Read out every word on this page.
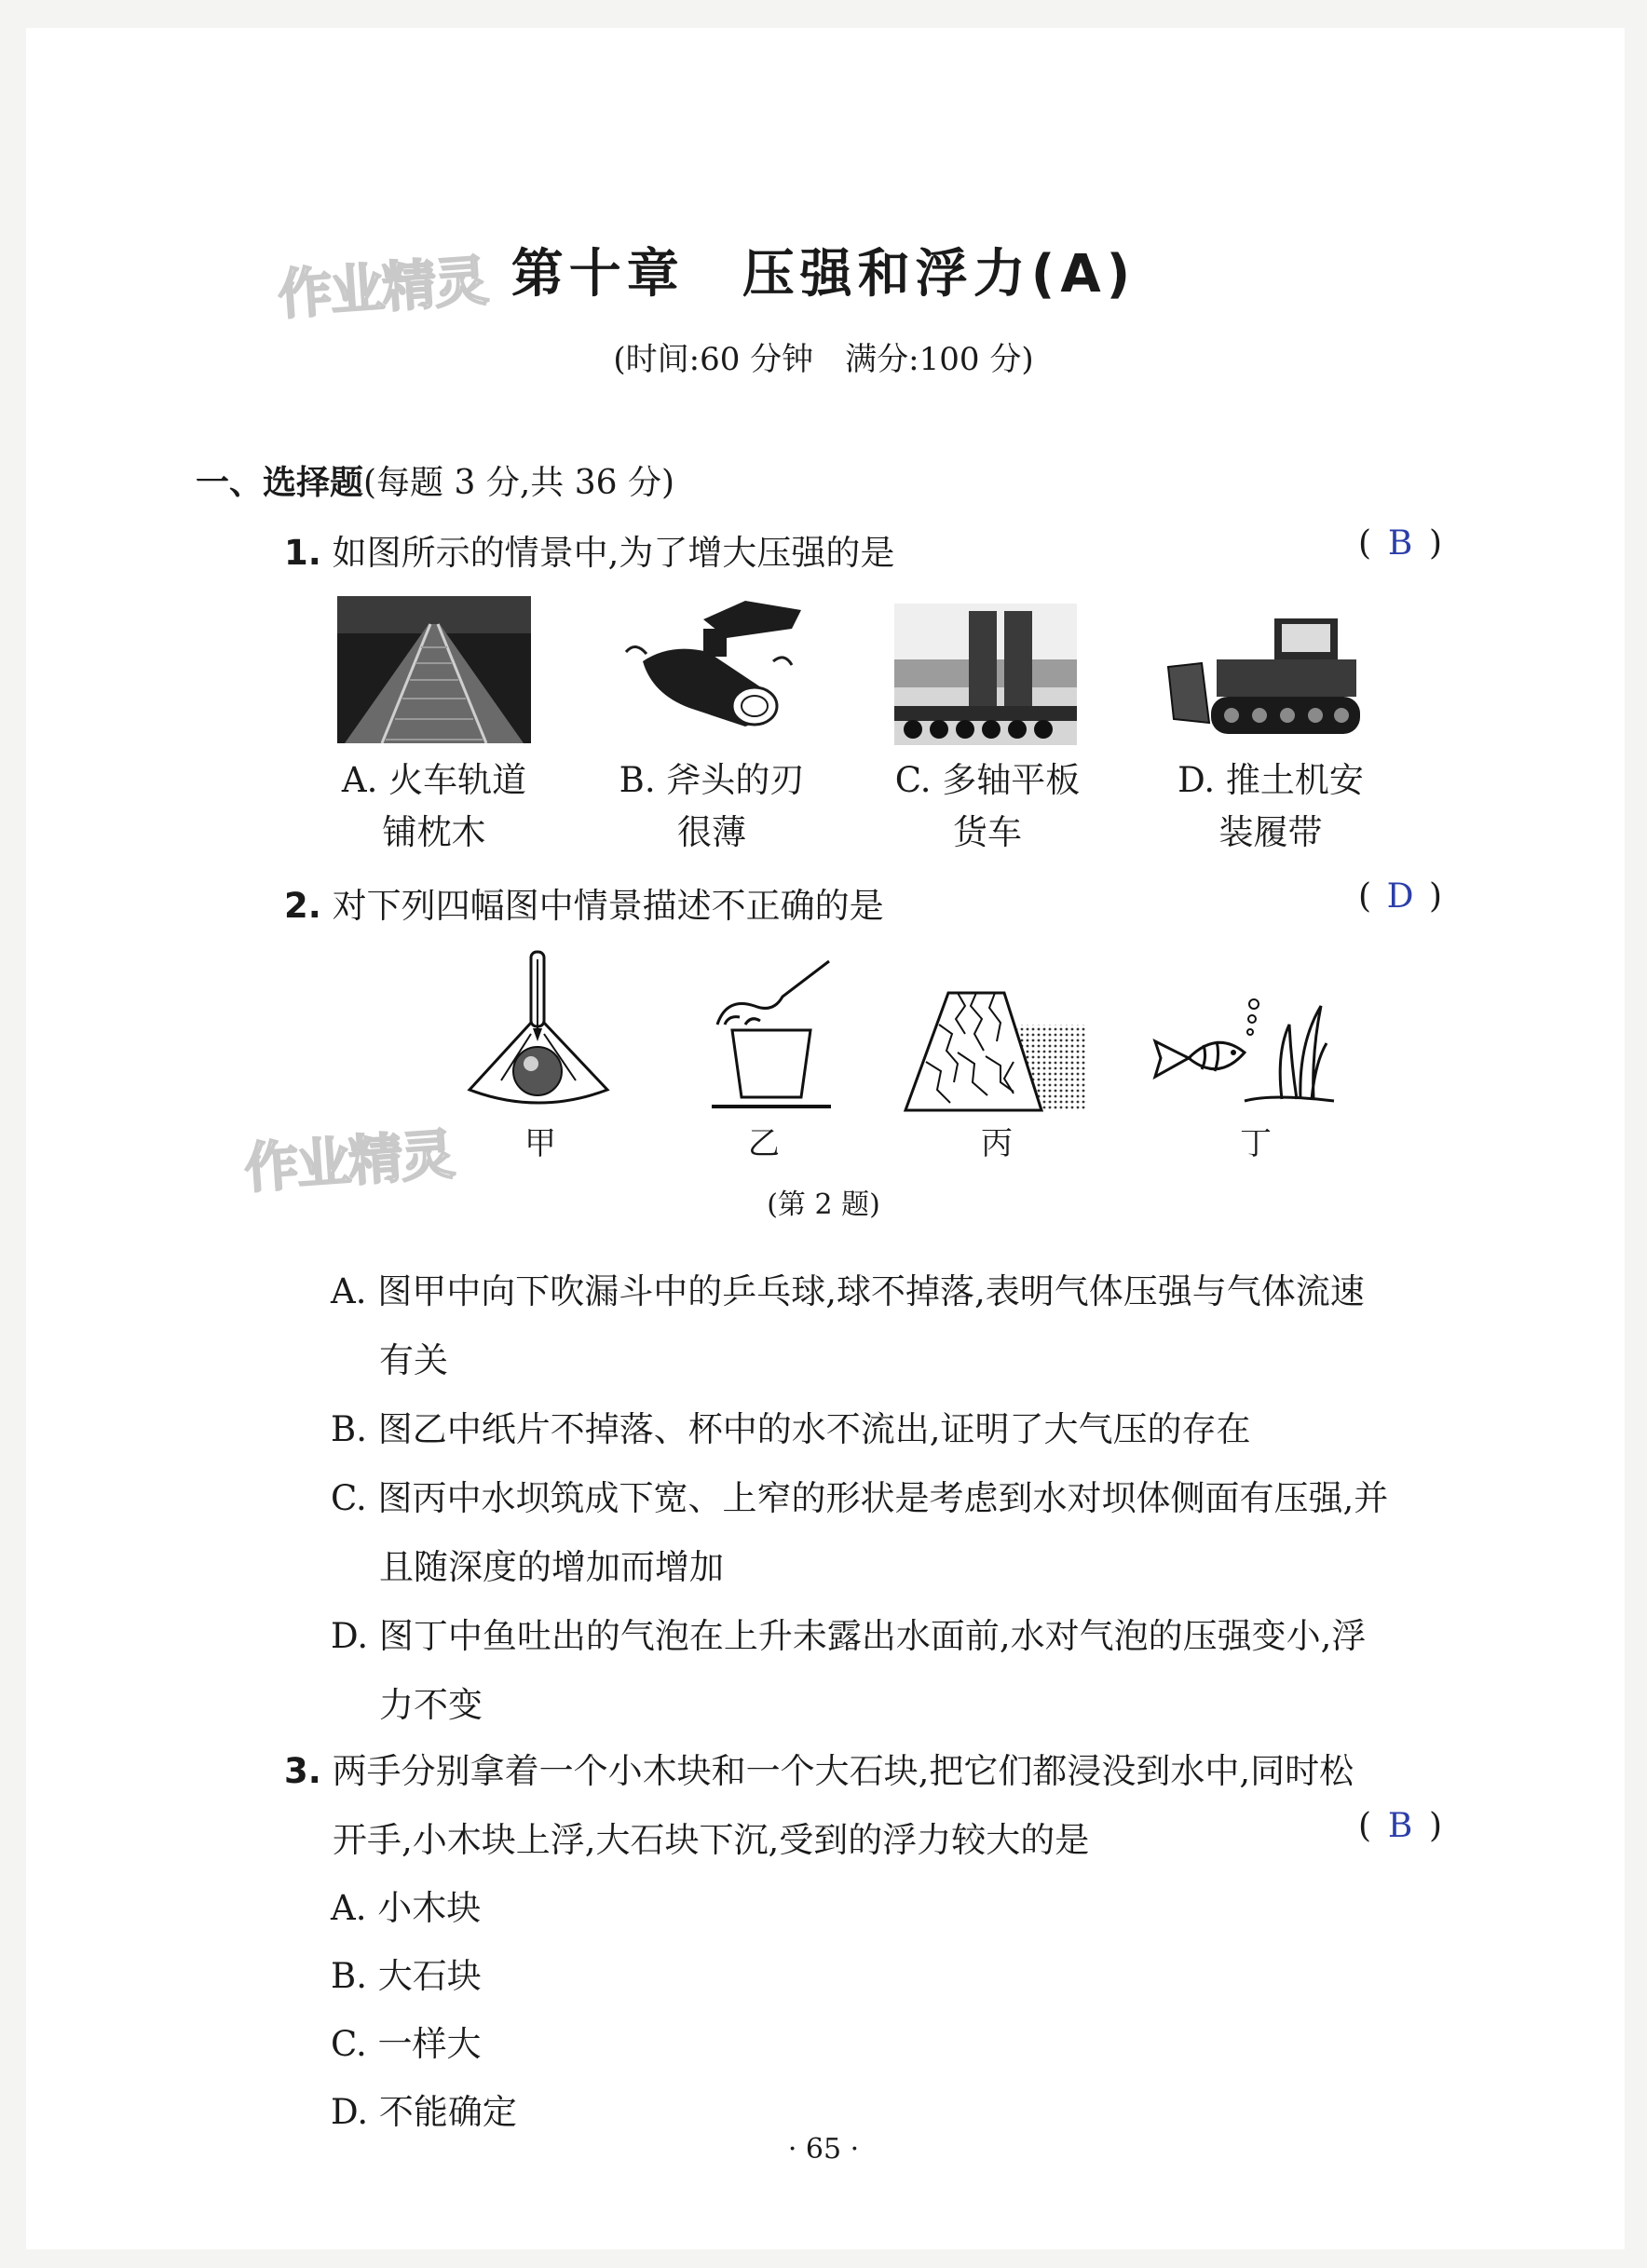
作业精灵
作业精灵
第十章　压强和浮力(A)
(时间:60 分钟　满分:100 分)
一、选择题(每题 3 分,共 36 分)
1. 如图所示的情景中,为了增大压强的是	( B )
A. 火车轨道
铺枕木
B. 斧头的刃
很薄
C. 多轴平板
货车
D. 推土机安
装履带
2. 对下列四幅图中情景描述不正确的是	( D )
甲	乙	丙	丁
(第 2 题)
A. 图甲中向下吹漏斗中的乒乓球,球不掉落,表明气体压强与气体流速
有关
B. 图乙中纸片不掉落、杯中的水不流出,证明了大气压的存在
C. 图丙中水坝筑成下宽、上窄的形状是考虑到水对坝体侧面有压强,并
且随深度的增加而增加
D. 图丁中鱼吐出的气泡在上升未露出水面前,水对气泡的压强变小,浮
力不变
3. 两手分别拿着一个小木块和一个大石块,把它们都浸没到水中,同时松
开手,小木块上浮,大石块下沉,受到的浮力较大的是	( B )
A. 小木块
B. 大石块
C. 一样大
D. 不能确定
· 65 ·
